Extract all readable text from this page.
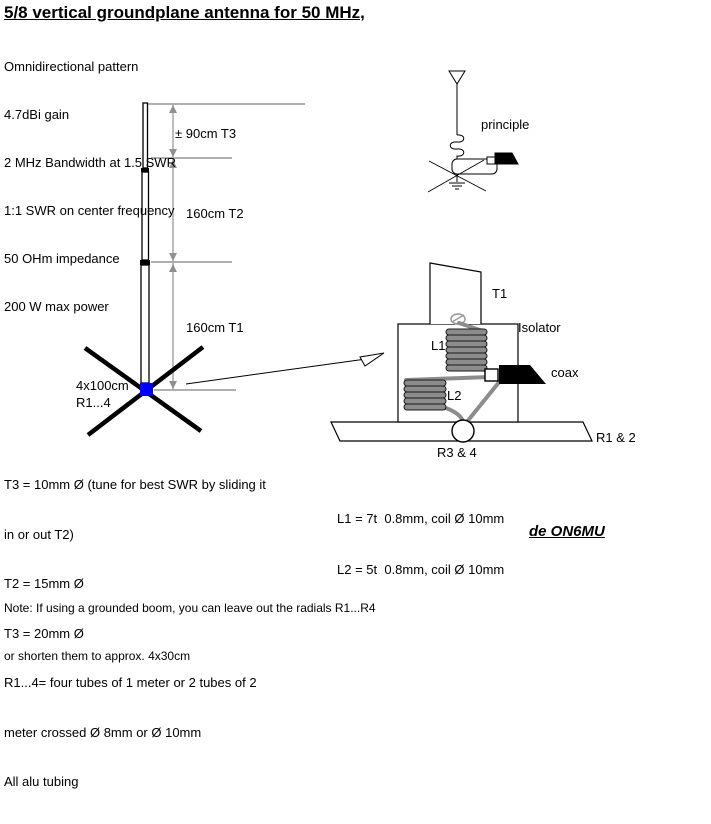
5/8 vertical groundplane antenna for 50 MHz,

Omnidirectional pattern

4.7dBi gain

2 MHz Bandwidth at 1.5 SWR

1:1 SWR on center frequency

50 OHm impedance

200 W max power

± 90cm T3
160cm T2
160cm T1
4x100cm
R1...4
principle
T1
Isolator
L1
L2
coax
R3 & 4
R1 & 2

T3 = 10mm Ø (tune for best SWR by sliding it

in or out T2)

T2 = 15mm Ø

T3 = 20mm Ø

R1...4= four tubes of 1 meter or 2 tubes of 2

meter crossed Ø 8mm or Ø 10mm

All alu tubing

L1 = 7t  0.8mm, coil Ø 10mm

L2 = 5t  0.8mm, coil Ø 10mm

de ON6MU

Note: If using a grounded boom, you can leave out the radials R1...R4

or shorten them to approx. 4x30cm
